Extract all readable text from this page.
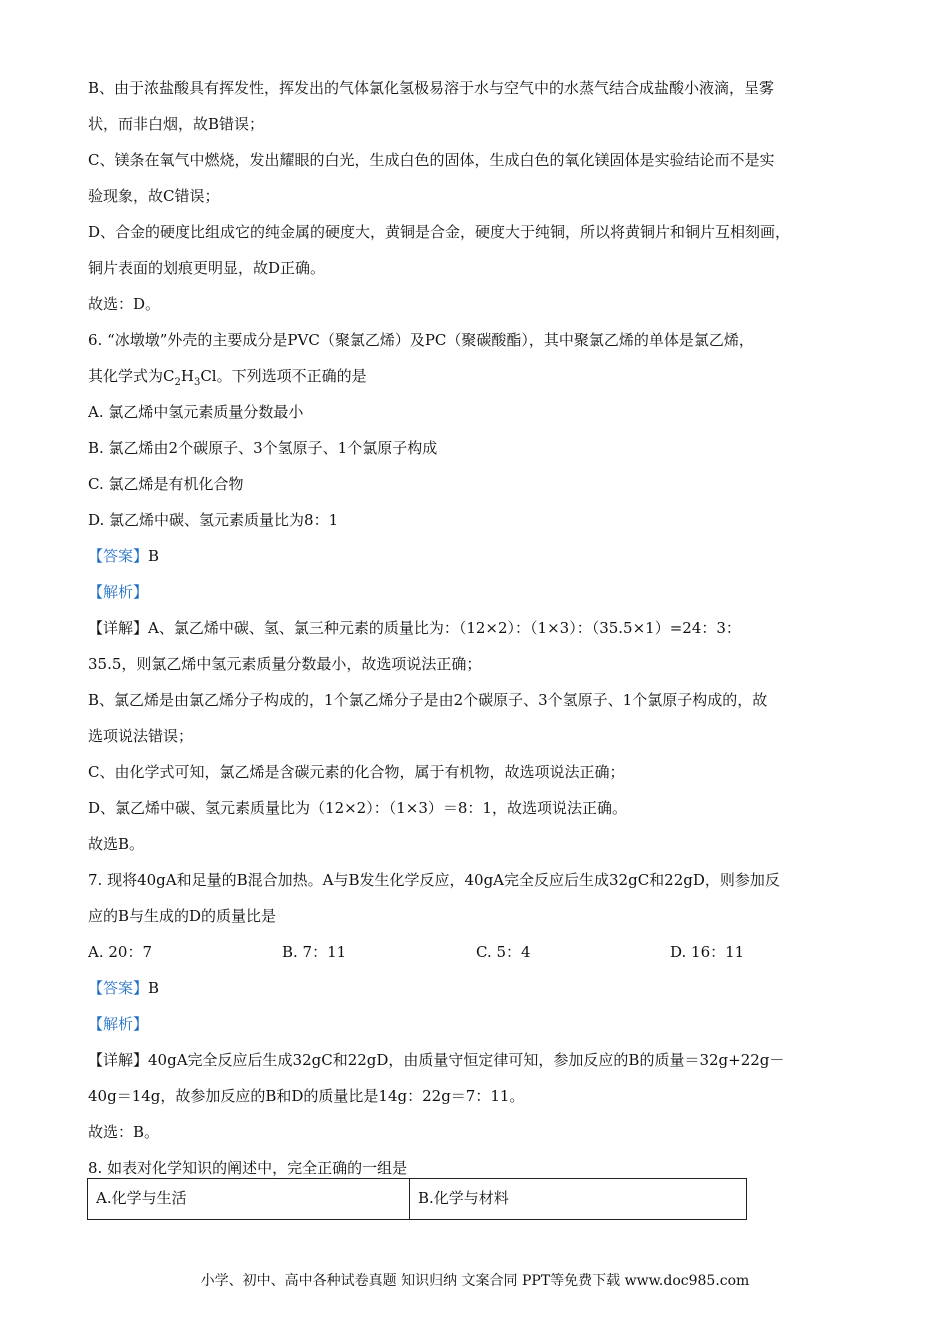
B、由于浓盐酸具有挥发性，挥发出的气体氯化氢极易溶于水与空气中的水蒸气结合成盐酸小液滴，呈雾
状，而非白烟，故B错误；
C、镁条在氧气中燃烧，发出耀眼的白光，生成白色的固体，生成白色的氧化镁固体是实验结论而不是实
验现象，故C错误；
D、合金的硬度比组成它的纯金属的硬度大，黄铜是合金，硬度大于纯铜，所以将黄铜片和铜片互相刻画，
铜片表面的划痕更明显，故D正确。
故选：D。
6. “冰墩墩”外壳的主要成分是PVC（聚氯乙烯）及PC（聚碳酸酯），其中聚氯乙烯的单体是氯乙烯，
其化学式为$C_2H_3Cl$。下列选项不正确的是
A. 氯乙烯中氢元素质量分数最小
B. 氯乙烯由2个碳原子、3个氢原子、1个氯原子构成
C. 氯乙烯是有机化合物
D. 氯乙烯中碳、氢元素质量比为8：1
【答案】B
【解析】
【详解】A、氯乙烯中碳、氢、氯三种元素的质量比为：（12×2）：（1×3）：（35.5×1）=24：3：
35.5，则氯乙烯中氢元素质量分数最小，故选项说法正确；
B、氯乙烯是由氯乙烯分子构成的，1个氯乙烯分子是由2个碳原子、3个氢原子、1个氯原子构成的，故
选项说法错误；
C、由化学式可知，氯乙烯是含碳元素的化合物，属于有机物，故选项说法正确；
D、氯乙烯中碳、氢元素质量比为（12×2）：（1×3）＝8：1，故选项说法正确。
故选B。
7. 现将40gA和足量的B混合加热。A与B发生化学反应，40gA完全反应后生成32gC和22gD，则参加反
应的B与生成的D的质量比是
A. 20：7	B. 7：11	C. 5：4	D. 16：11
【答案】B
【解析】
【详解】40gA完全反应后生成32gC和22gD，由质量守恒定律可知，参加反应的B的质量＝32g+22g－
40g＝14g，故参加反应的B和D的质量比是14g：22g＝7：11。
故选：B。
8. 如表对化学知识的阐述中，完全正确的一组是
A.化学与生活	B.化学与材料
小学、初中、高中各种试卷真题 知识归纳 文案合同 PPT等免费下载 www.doc985.com
